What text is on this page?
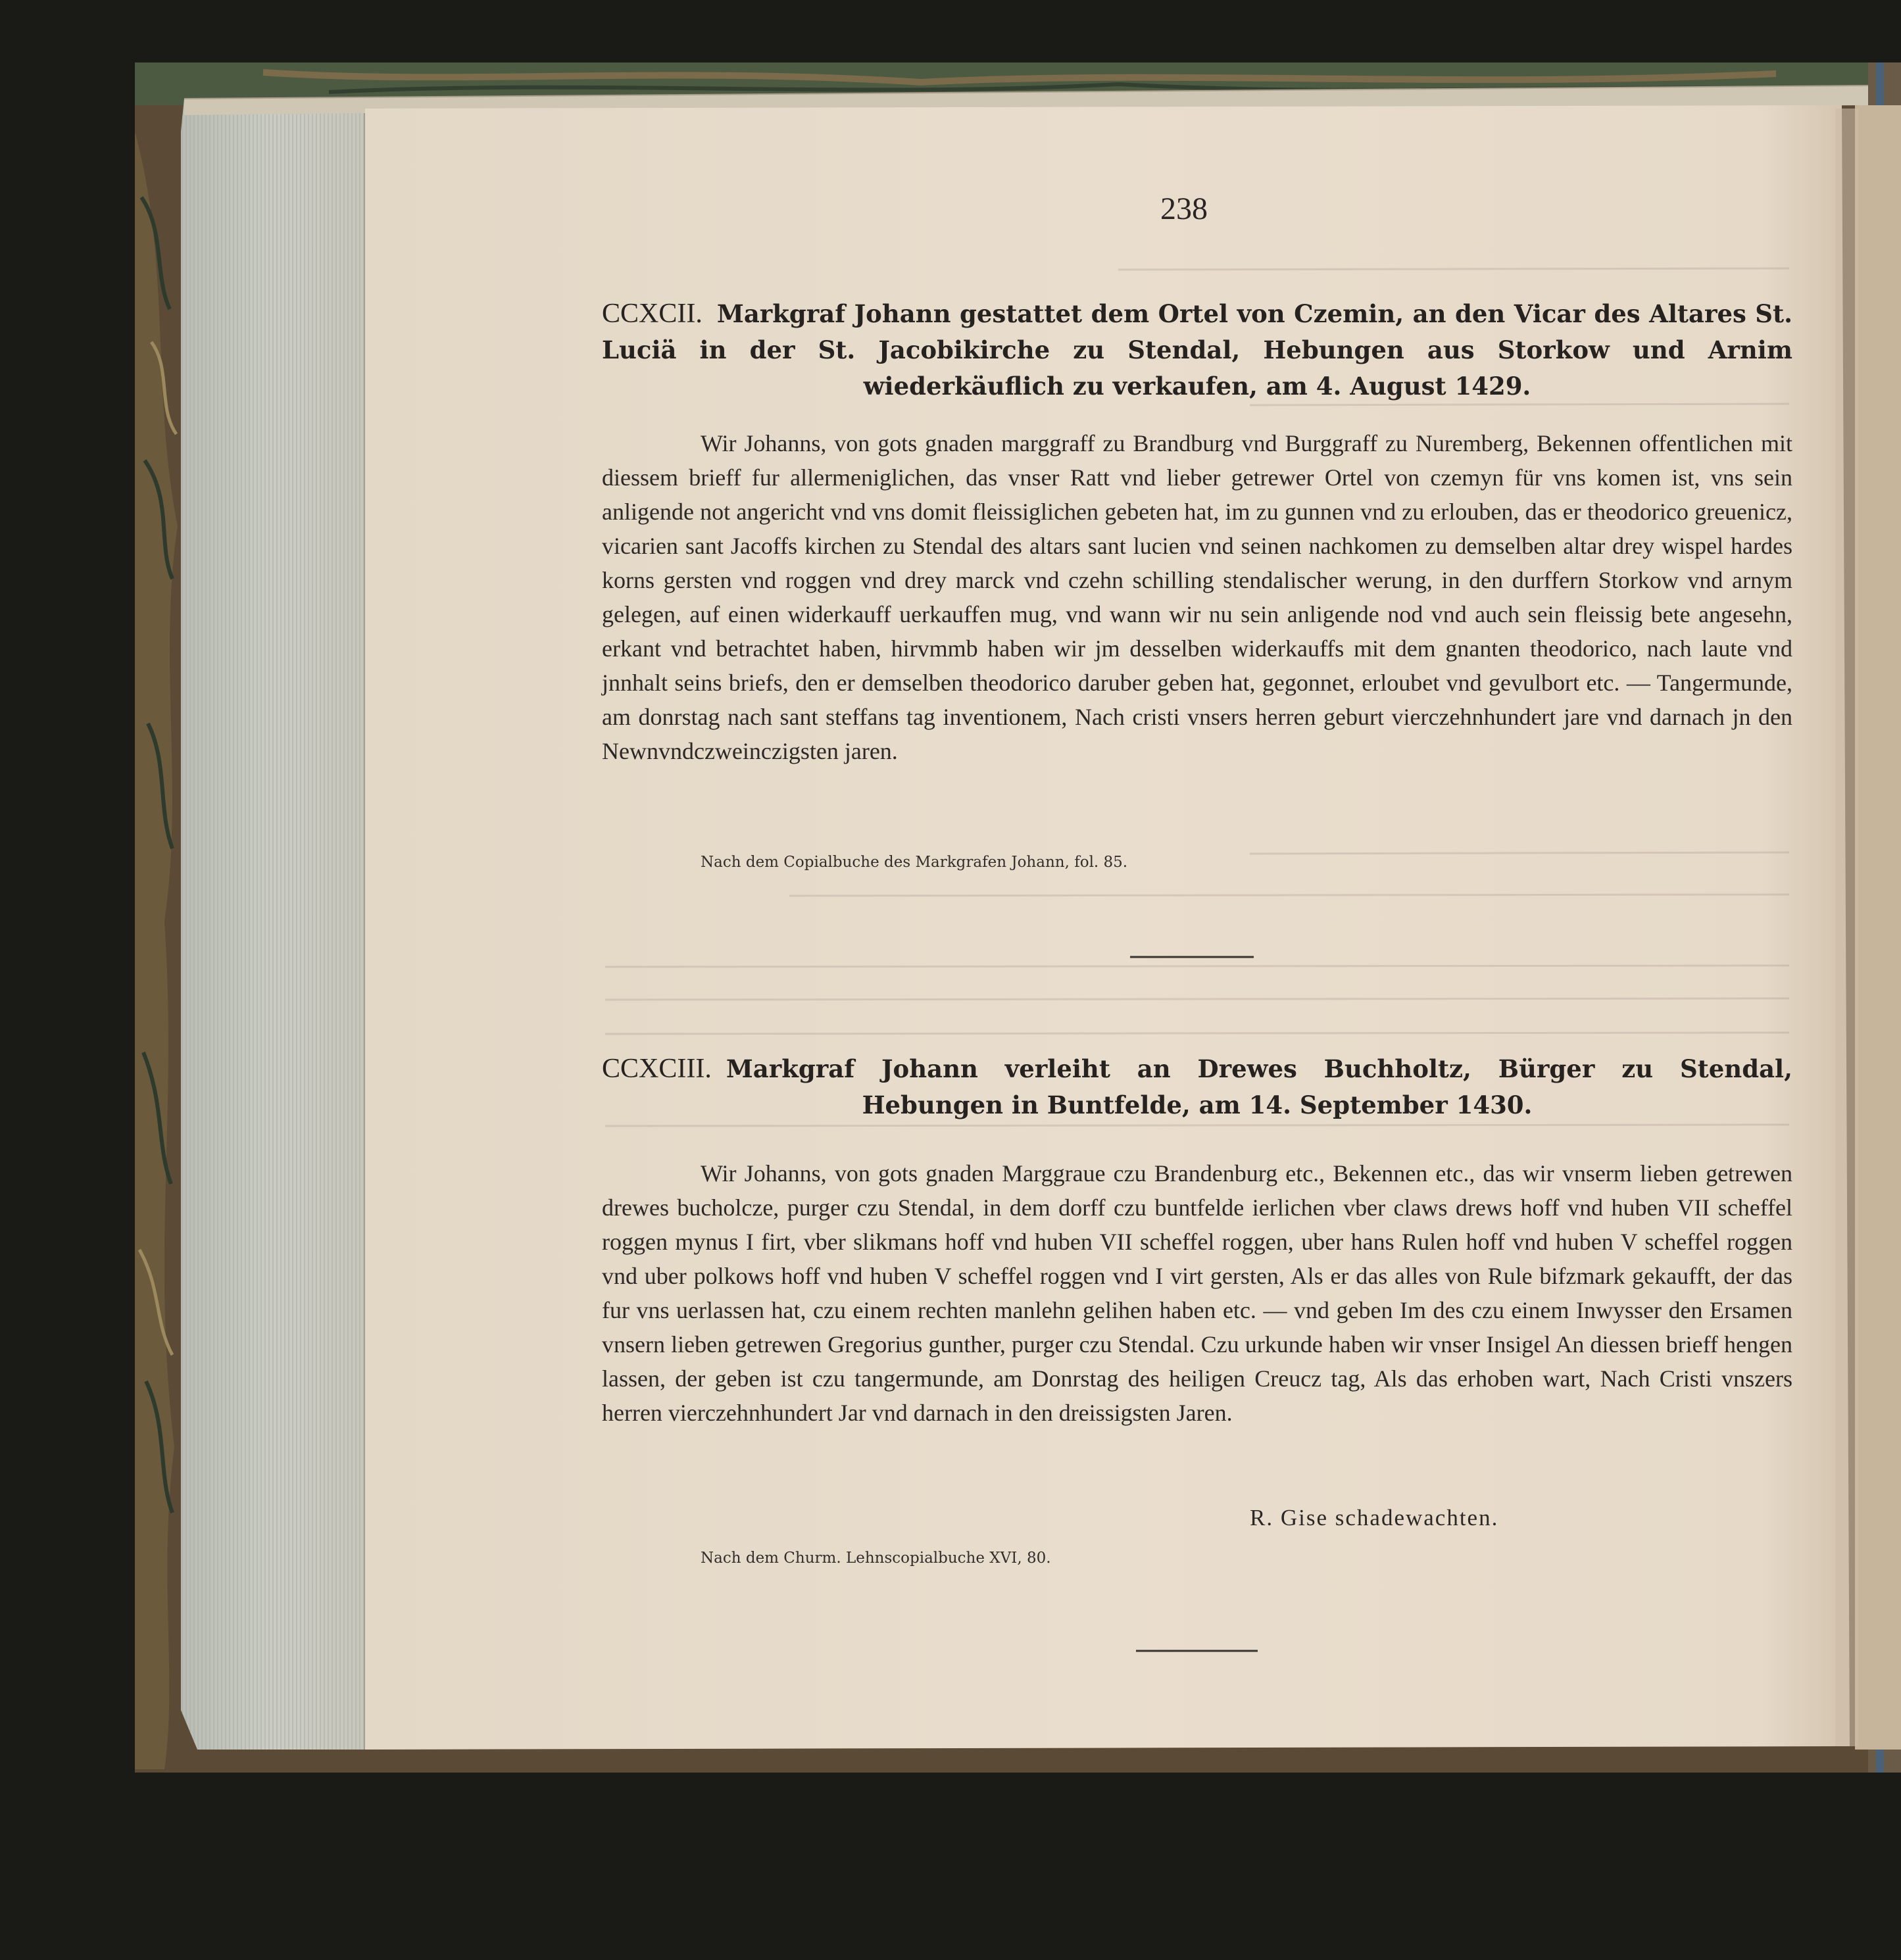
238

CCXCII. Markgraf Johann gestattet dem Ortel von Czemin, an den Vicar des Altares St. Luciä in der St. Jacobikirche zu Stendal, Hebungen aus Storkow und Arnim wiederkäuflich zu verkaufen, am 4. August 1429.

Wir Johanns, von gots gnaden marggraff zu Brandburg vnd Burggraff zu Nuremberg, Bekennen offentlichen mit diessem brieff fur allermeniglichen, das vnser Ratt vnd lieber getrewer Ortel von czemyn für vns komen ist, vns sein anligende not angericht vnd vns domit fleissiglichen gebeten hat, im zu gunnen vnd zu erlouben, das er theodorico greuenicz, vicarien sant Jacoffs kirchen zu Stendal des altars sant lucien vnd seinen nachkomen zu demselben altar drey wispel hardes korns gersten vnd roggen vnd drey marck vnd czehn schilling stendalischer werung, in den durffern Storkow vnd arnym gelegen, auf einen widerkauff uerkauffen mug, vnd wann wir nu sein anligende nod vnd auch sein fleissig bete angesehn, erkant vnd betrachtet haben, hirvmmb haben wir jm desselben widerkauffs mit dem gnanten theodorico, nach laute vnd jnnhalt seins briefs, den er demselben theodorico daruber geben hat, gegonnet, erloubet vnd gevulbort etc. — Tangermunde, am donrstag nach sant steffans tag inventionem, Nach cristi vnsers herren geburt vierczehnhundert jare vnd darnach jn den Newnvndczweinczigsten jaren.

Nach dem Copialbuche des Markgrafen Johann, fol. 85.

CCXCIII. Markgraf Johann verleiht an Drewes Buchholtz, Bürger zu Stendal, Hebungen in Buntfelde, am 14. September 1430.

Wir Johanns, von gots gnaden Marggraue czu Brandenburg etc., Bekennen etc., das wir vnserm lieben getrewen drewes bucholcze, purger czu Stendal, in dem dorff czu buntfelde ierlichen vber claws drews hoff vnd huben VII scheffel roggen mynus I firt, vber slikmans hoff vnd huben VII scheffel roggen, uber hans Rulen hoff vnd huben V scheffel roggen vnd uber polkows hoff vnd huben V scheffel roggen vnd I virt gersten, Als er das alles von Rule bifzmark gekaufft, der das fur vns uerlassen hat, czu einem rechten manlehn gelihen haben etc. — vnd geben Im des czu einem Inwysser den Ersamen vnsern lieben getrewen Gregorius gunther, purger czu Stendal. Czu urkunde haben wir vnser Insigel An diessen brieff hengen lassen, der geben ist czu tangermunde, am Donrstag des heiligen Creucz tag, Als das erhoben wart, Nach Cristi vnszers herren vierczehnhundert Jar vnd darnach in den dreissigsten Jaren.

R. Gise schadewachten.

Nach dem Churm. Lehnscopialbuche XVI, 80.
